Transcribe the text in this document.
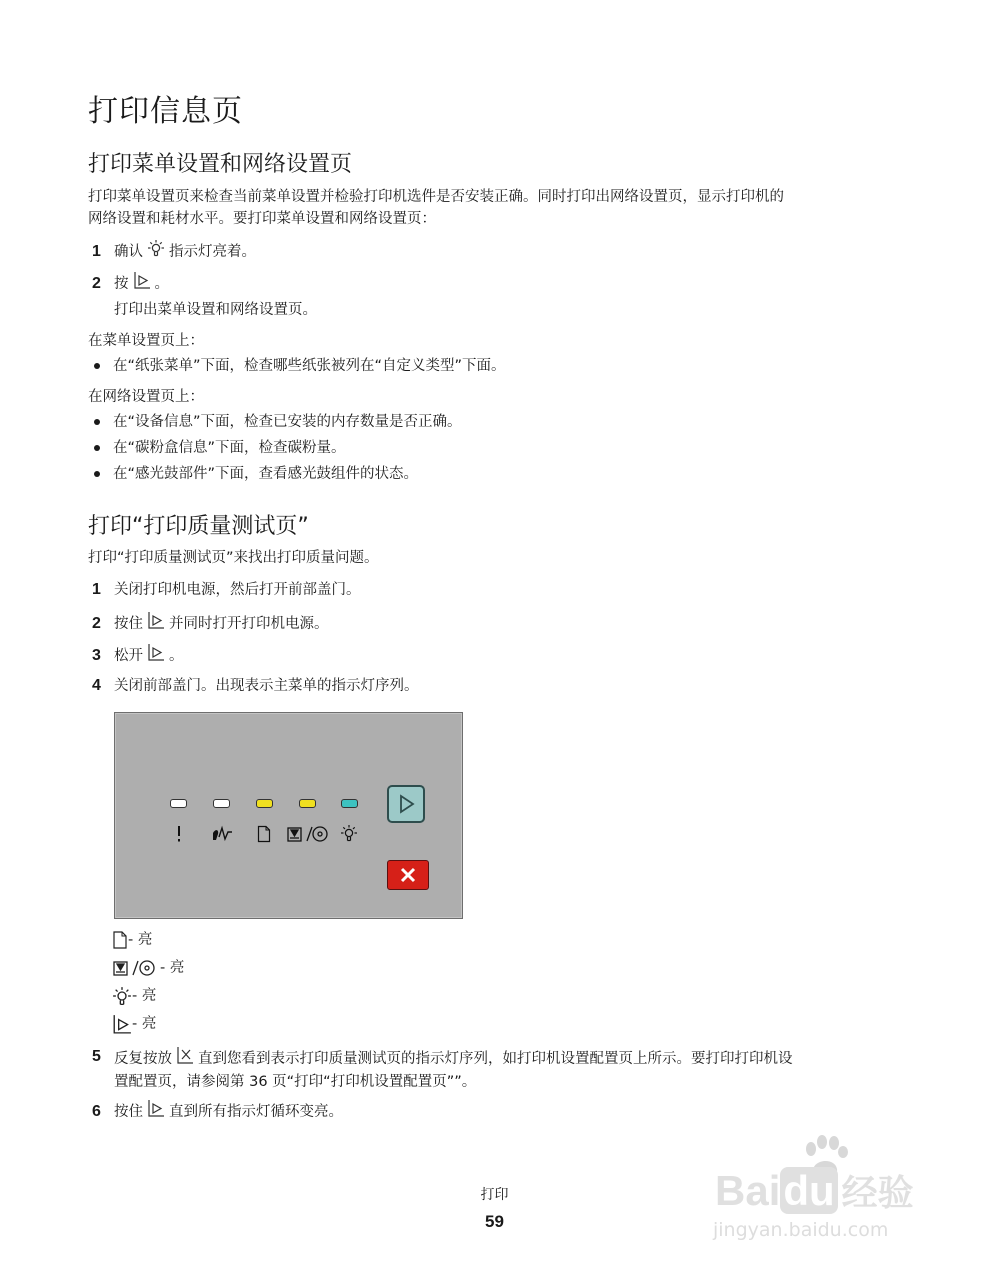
打印信息页
打印菜单设置和网络设置页
打印菜单设置页来检查当前菜单设置并检验打印机选件是否安装正确。同时打印出网络设置页，显示打印机的
网络设置和耗材水平。要打印菜单设置和网络设置页：
1 确认 指示灯亮着。
2 按 。
打印出菜单设置和网络设置页。
在菜单设置页上：
在“纸张菜单”下面，检查哪些纸张被列在“自定义类型”下面。
在网络设置页上：
在“设备信息”下面，检查已安装的内存数量是否正确。
在“碳粉盒信息”下面，检查碳粉量。
在“感光鼓部件”下面，查看感光鼓组件的状态。
打印“打印质量测试页”
打印“打印质量测试页”来找出打印质量问题。
1 关闭打印机电源，然后打开前部盖门。
2 按住 并同时打开打印机电源。
3 松开 。
4 关闭前部盖门。出现表示主菜单的指示灯序列。
- 亮
- 亮
- 亮
- 亮
5 反复按放 直到您看到表示打印质量测试页的指示灯序列，如打印机设置配置页上所示。要打印打印机设
置配置页，请参阅第 36 页“打印“打印机设置配置页””。
6 按住 直到所有指示灯循环变亮。
打印
59
Baidu 经验
jingyan.baidu.com
